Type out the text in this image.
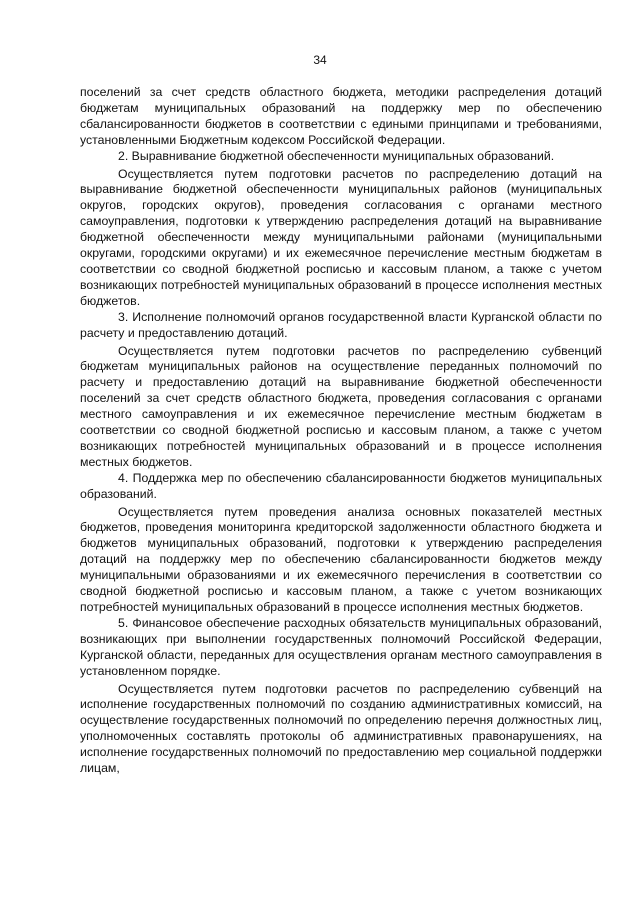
34

поселений за счет средств областного бюджета, методики распределения дотаций бюджетам муниципальных образований на поддержку мер по обеспечению сбалансированности бюджетов в соответствии с едиными принципами и требованиями, установленными Бюджетным кодексом Российской Федерации.

2. Выравнивание бюджетной обеспеченности муниципальных образований.

Осуществляется путем подготовки расчетов по распределению дотаций на выравнивание бюджетной обеспеченности муниципальных районов (муниципальных округов, городских округов), проведения согласования с органами местного самоуправления, подготовки к утверждению распределения дотаций на выравнивание бюджетной обеспеченности между муниципальными районами (муниципальными округами, городскими округами) и их ежемесячное перечисление местным бюджетам в соответствии со сводной бюджетной росписью и кассовым планом, а также с учетом возникающих потребностей муниципальных образований в процессе исполнения местных бюджетов.

3. Исполнение полномочий органов государственной власти Курганской области по расчету и предоставлению дотаций.

Осуществляется путем подготовки расчетов по распределению субвенций бюджетам муниципальных районов на осуществление переданных полномочий по расчету и предоставлению дотаций на выравнивание бюджетной обеспеченности поселений за счет средств областного бюджета, проведения согласования с органами местного самоуправления и их ежемесячное перечисление местным бюджетам в соответствии со сводной бюджетной росписью и кассовым планом, а также с учетом возникающих потребностей муниципальных образований и в процессе исполнения местных бюджетов.

4. Поддержка мер по обеспечению сбалансированности бюджетов муниципальных образований.

Осуществляется путем проведения анализа основных показателей местных бюджетов, проведения мониторинга кредиторской задолженности областного бюджета и бюджетов муниципальных образований, подготовки к утверждению распределения дотаций на поддержку мер по обеспечению сбалансированности бюджетов между муниципальными образованиями и их ежемесячного перечисления в соответствии со сводной бюджетной росписью и кассовым планом, а также с учетом возникающих потребностей муниципальных образований в процессе исполнения местных бюджетов.

5. Финансовое обеспечение расходных обязательств муниципальных образований, возникающих при выполнении государственных полномочий Российской Федерации, Курганской области, переданных для осуществления органам местного самоуправления в установленном порядке.

Осуществляется путем подготовки расчетов по распределению субвенций на исполнение государственных полномочий по созданию административных комиссий, на осуществление государственных полномочий по определению перечня должностных лиц, уполномоченных составлять протоколы об административных правонарушениях, на исполнение государственных полномочий по предоставлению мер социальной поддержки лицам,
